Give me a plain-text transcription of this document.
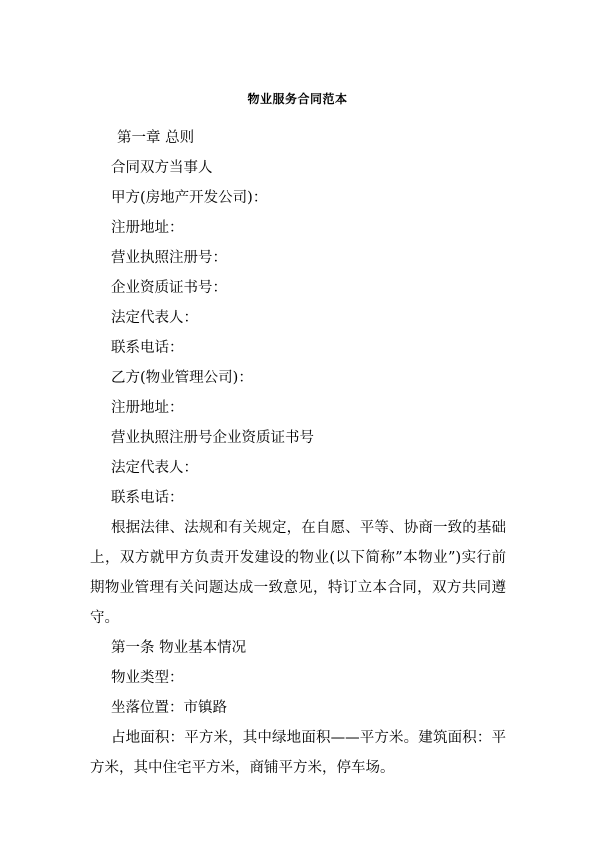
物业服务合同范本
第一章 总则
合同双方当事人
甲方(房地产开发公司)：
注册地址：
营业执照注册号：
企业资质证书号：
法定代表人：
联系电话：
乙方(物业管理公司)：
注册地址：
营业执照注册号企业资质证书号
法定代表人：
联系电话：
根据法律、法规和有关规定，在自愿、平等、协商一致的基础上，双方就甲方负责开发建设的物业(以下简称”本物业”)实行前期物业管理有关问题达成一致意见，特订立本合同，双方共同遵守。
第一条 物业基本情况
物业类型：
坐落位置：市镇路
占地面积：平方米，其中绿地面积——平方米。建筑面积：平方米，其中住宅平方米，商铺平方米，停车场。
